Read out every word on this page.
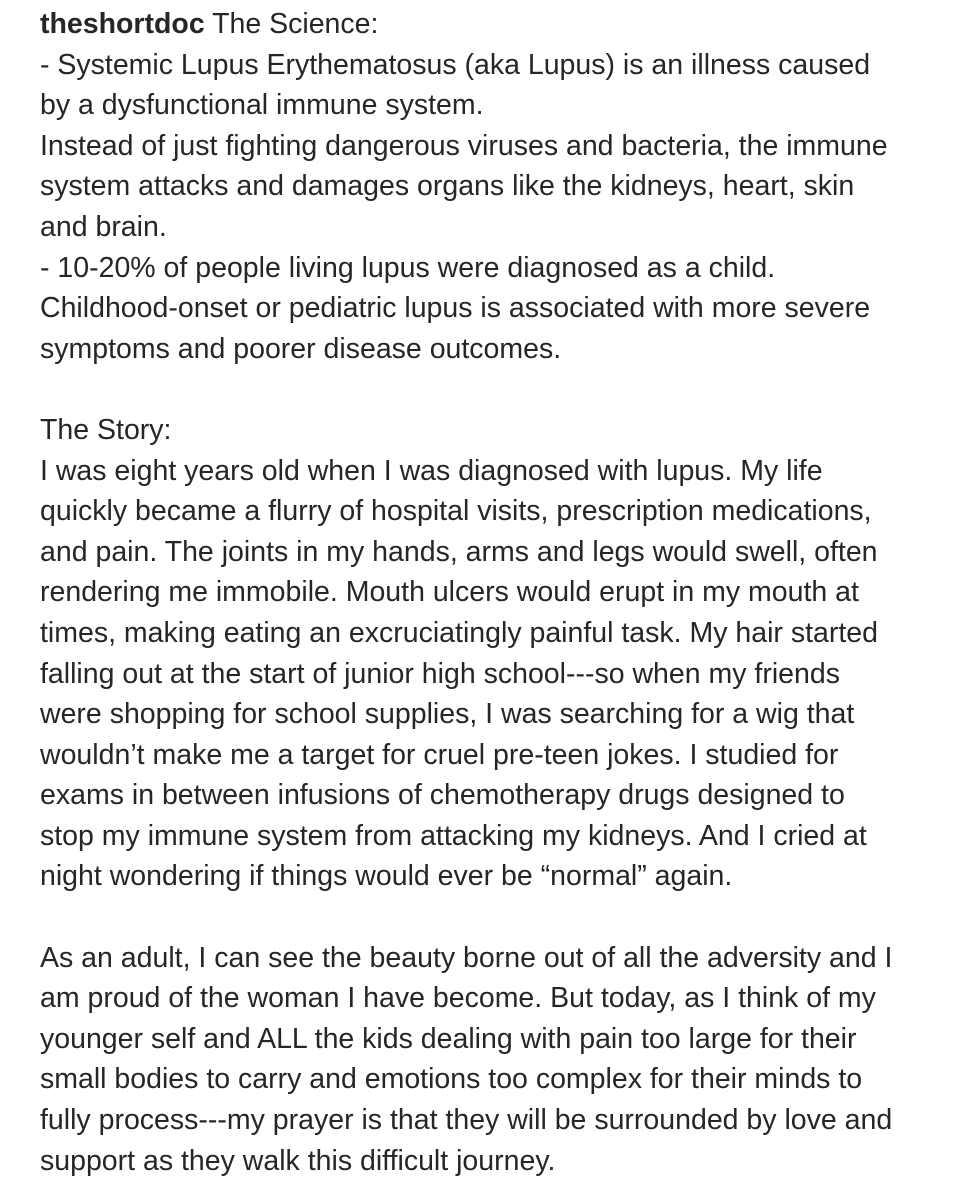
theshortdoc The Science:
- Systemic Lupus Erythematosus (aka Lupus) is an illness caused
by a dysfunctional immune system.
Instead of just fighting dangerous viruses and bacteria, the immune
system attacks and damages organs like the kidneys, heart, skin
and brain.
- 10-20% of people living lupus were diagnosed as a child.
Childhood-onset or pediatric lupus is associated with more severe
symptoms and poorer disease outcomes.
The Story:
I was eight years old when I was diagnosed with lupus. My life
quickly became a flurry of hospital visits, prescription medications,
and pain. The joints in my hands, arms and legs would swell, often
rendering me immobile. Mouth ulcers would erupt in my mouth at
times, making eating an excruciatingly painful task. My hair started
falling out at the start of junior high school---so when my friends
were shopping for school supplies, I was searching for a wig that
wouldn’t make me a target for cruel pre-teen jokes. I studied for
exams in between infusions of chemotherapy drugs designed to
stop my immune system from attacking my kidneys. And I cried at
night wondering if things would ever be “normal” again.
As an adult, I can see the beauty borne out of all the adversity and I
am proud of the woman I have become. But today, as I think of my
younger self and ALL the kids dealing with pain too large for their
small bodies to carry and emotions too complex for their minds to
fully process---my prayer is that they will be surrounded by love and
support as they walk this difficult journey.
